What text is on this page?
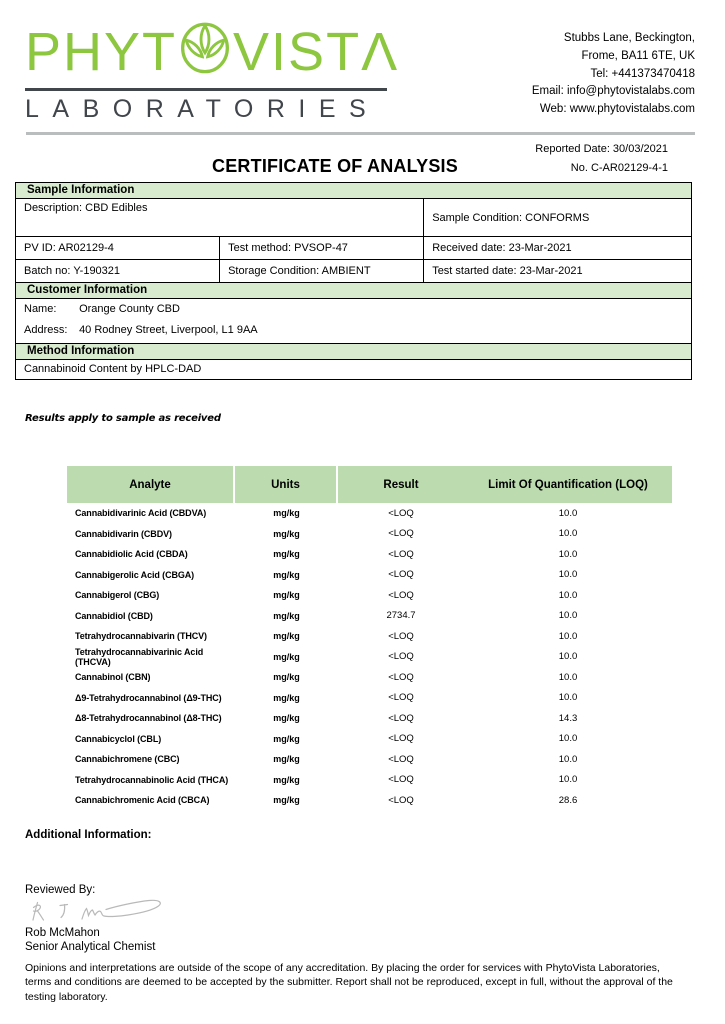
PHYT VIST Λ
LABORATORIES
Stubbs Lane, Beckington,
Frome, BA11 6TE, UK
Tel: +441373470418
Email: info@phytovistalabs.com
Web: www.phytovistalabs.com
CERTIFICATE OF ANALYSIS
Reported Date: 30/03/2021
No. C-AR02129-4-1
Sample Information
Description: CBD Edibles		Sample Condition: CONFORMS
PV ID: AR02129-4	Test method: PVSOP-47	Received date: 23-Mar-2021
Batch no: Y-190321	Storage Condition: AMBIENT	Test started date: 23-Mar-2021
Customer Information
Name: Orange County CBD
Address: 40 Rodney Street, Liverpool, L1 9AA
Method Information
Cannabinoid Content by HPLC-DAD
Results apply to sample as received
Analyte	Units	Result	Limit Of Quantification (LOQ)
Cannabidivarinic Acid (CBDVA)	mg/kg	<LOQ	10.0
Cannabidivarin (CBDV)	mg/kg	<LOQ	10.0
Cannabidiolic Acid (CBDA)	mg/kg	<LOQ	10.0
Cannabigerolic Acid (CBGA)	mg/kg	<LOQ	10.0
Cannabigerol (CBG)	mg/kg	<LOQ	10.0
Cannabidiol (CBD)	mg/kg	2734.7	10.0
Tetrahydrocannabivarin (THCV)	mg/kg	<LOQ	10.0
Tetrahydrocannabivarinic Acid (THCVA)	mg/kg	<LOQ	10.0
Cannabinol (CBN)	mg/kg	<LOQ	10.0
Δ9-Tetrahydrocannabinol (Δ9-THC)	mg/kg	<LOQ	10.0
Δ8-Tetrahydrocannabinol (Δ8-THC)	mg/kg	<LOQ	14.3
Cannabicyclol (CBL)	mg/kg	<LOQ	10.0
Cannabichromene (CBC)	mg/kg	<LOQ	10.0
Tetrahydrocannabinolic Acid (THCA)	mg/kg	<LOQ	10.0
Cannabichromenic Acid (CBCA)	mg/kg	<LOQ	28.6
Additional Information:
Reviewed By:
Rob McMahon
Senior Analytical Chemist
Opinions and interpretations are outside of the scope of any accreditation. By placing the order for services with PhytoVista Laboratories, terms and conditions are deemed to be accepted by the submitter. Report shall not be reproduced, except in full, without the approval of the testing laboratory.
